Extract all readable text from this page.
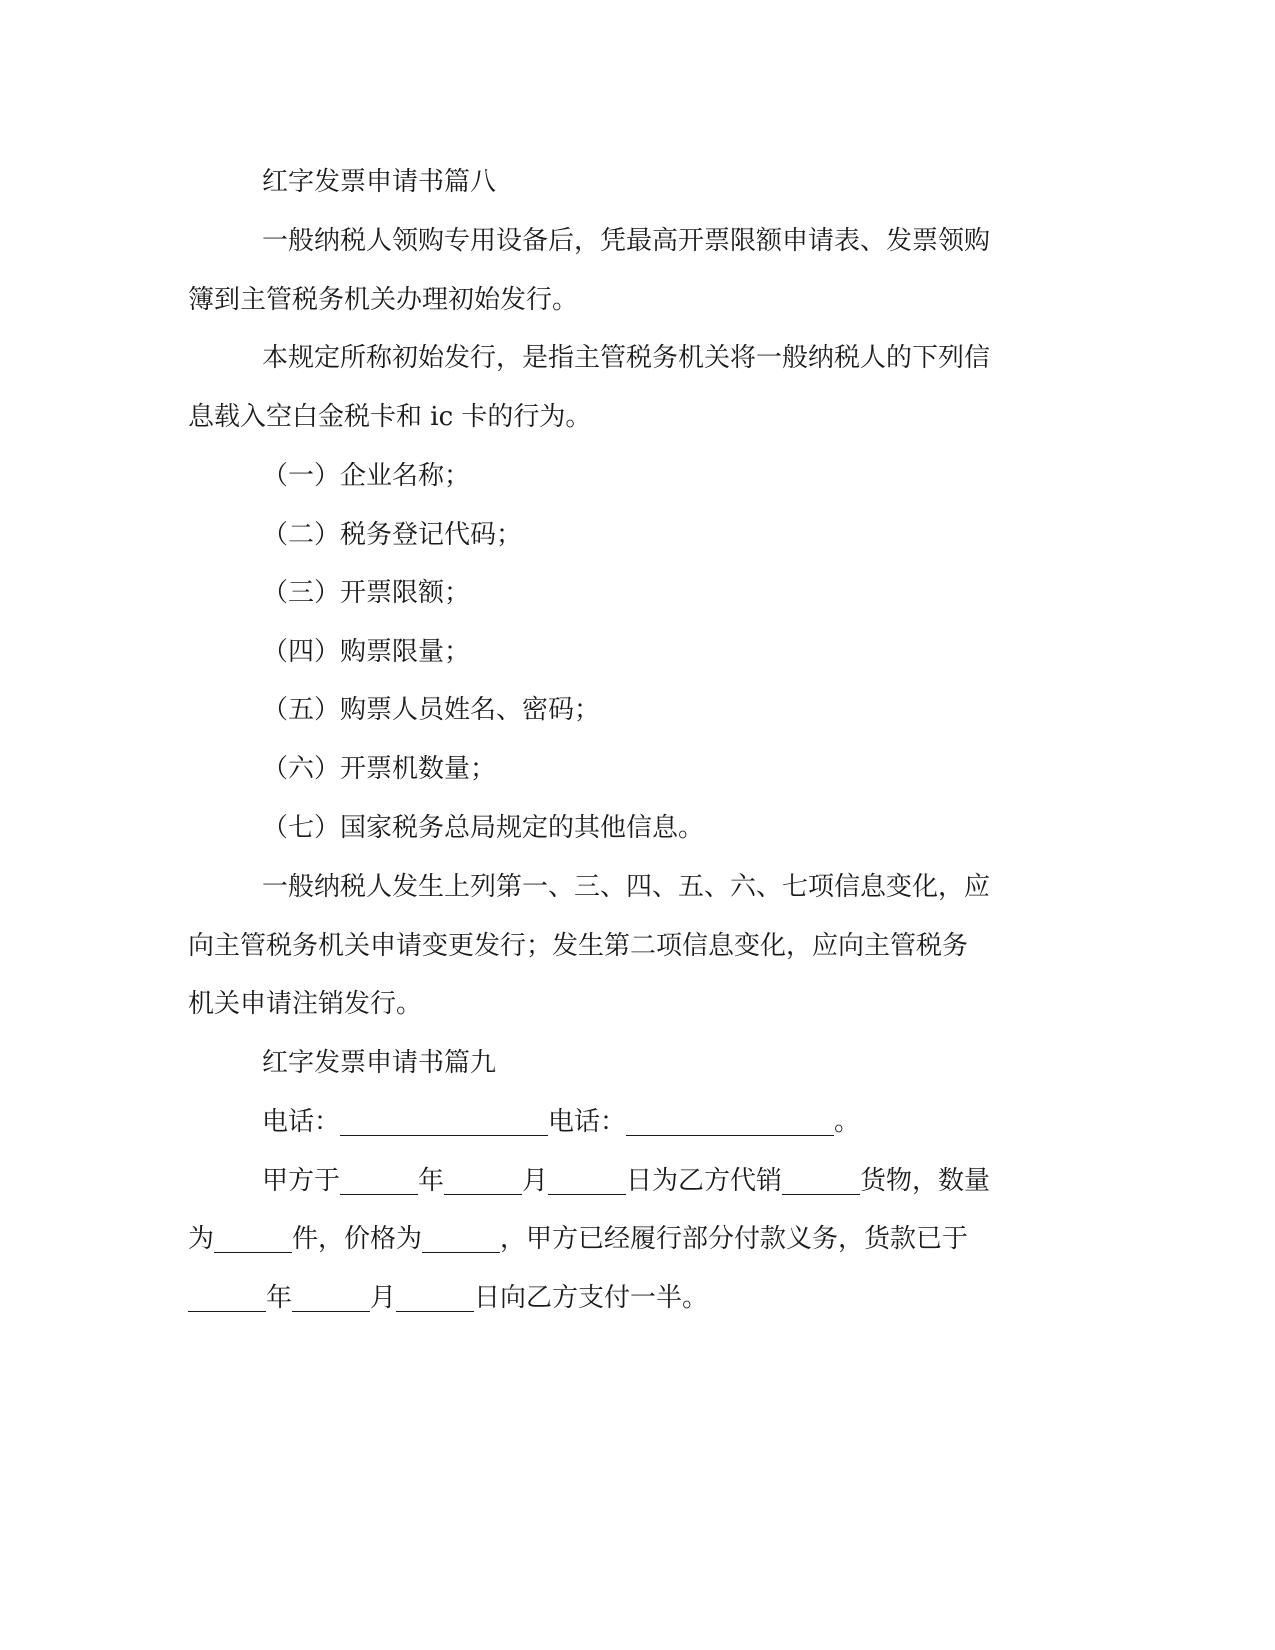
红字发票申请书篇八
一般纳税人领购专用设备后，凭最高开票限额申请表、发票领购
簿到主管税务机关办理初始发行。
本规定所称初始发行，是指主管税务机关将一般纳税人的下列信
息载入空白金税卡和 ic 卡的行为。
（一）企业名称；
（二）税务登记代码；
（三）开票限额；
（四）购票限量；
（五）购票人员姓名、密码；
（六）开票机数量；
（七）国家税务总局规定的其他信息。
一般纳税人发生上列第一、三、四、五、六、七项信息变化，应
向主管税务机关申请变更发行；发生第二项信息变化，应向主管税务
机关申请注销发行。
红字发票申请书篇九
电话：________________电话：________________。
甲方于______年______月______日为乙方代销______货物，数量
为______件，价格为______，甲方已经履行部分付款义务，货款已于
______年______月______日向乙方支付一半。
